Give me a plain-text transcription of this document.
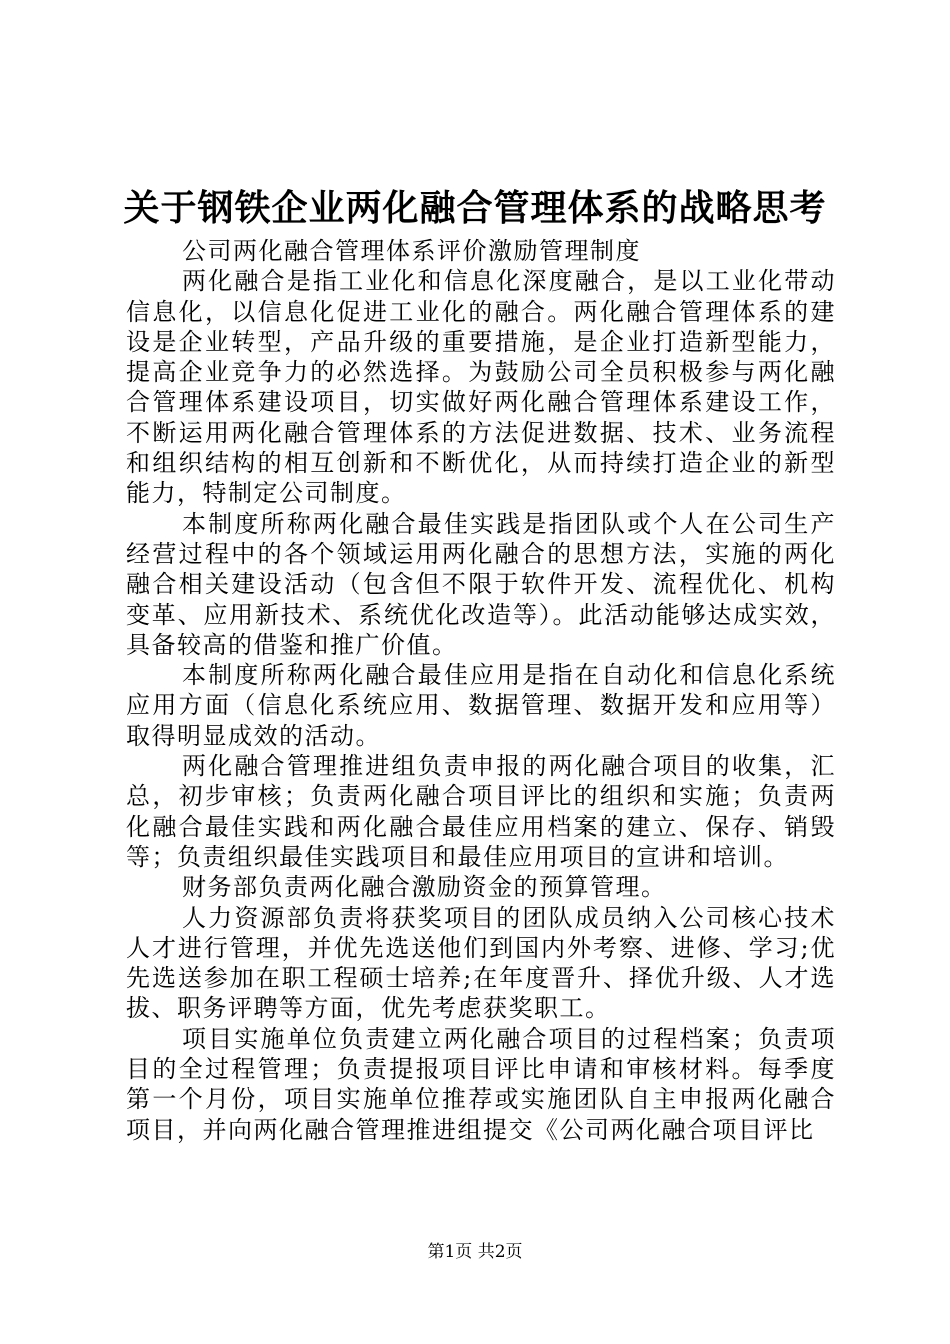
关于钢铁企业两化融合管理体系的战略思考

公司两化融合管理体系评价激励管理制度

两化融合是指工业化和信息化深度融合，是以工业化带动信息化，以信息化促进工业化的融合。两化融合管理体系的建设是企业转型，产品升级的重要措施，是企业打造新型能力，提高企业竞争力的必然选择。为鼓励公司全员积极参与两化融合管理体系建设项目，切实做好两化融合管理体系建设工作，不断运用两化融合管理体系的方法促进数据、技术、业务流程和组织结构的相互创新和不断优化，从而持续打造企业的新型能力，特制定公司制度。

本制度所称两化融合最佳实践是指团队或个人在公司生产经营过程中的各个领域运用两化融合的思想方法，实施的两化融合相关建设活动（包含但不限于软件开发、流程优化、机构变革、应用新技术、系统优化改造等）。此活动能够达成实效，具备较高的借鉴和推广价值。

本制度所称两化融合最佳应用是指在自动化和信息化系统应用方面（信息化系统应用、数据管理、数据开发和应用等）取得明显成效的活动。

两化融合管理推进组负责申报的两化融合项目的收集，汇总，初步审核；负责两化融合项目评比的组织和实施；负责两化融合最佳实践和两化融合最佳应用档案的建立、保存、销毁等；负责组织最佳实践项目和最佳应用项目的宣讲和培训。

财务部负责两化融合激励资金的预算管理。

人力资源部负责将获奖项目的团队成员纳入公司核心技术人才进行管理，并优先选送他们到国内外考察、进修、学习;优先选送参加在职工程硕士培养;在年度晋升、择优升级、人才选拔、职务评聘等方面，优先考虑获奖职工。

项目实施单位负责建立两化融合项目的过程档案；负责项目的全过程管理；负责提报项目评比申请和审核材料。每季度第一个月份，项目实施单位推荐或实施团队自主申报两化融合项目，并向两化融合管理推进组提交《公司两化融合项目评比

第1页 共2页
